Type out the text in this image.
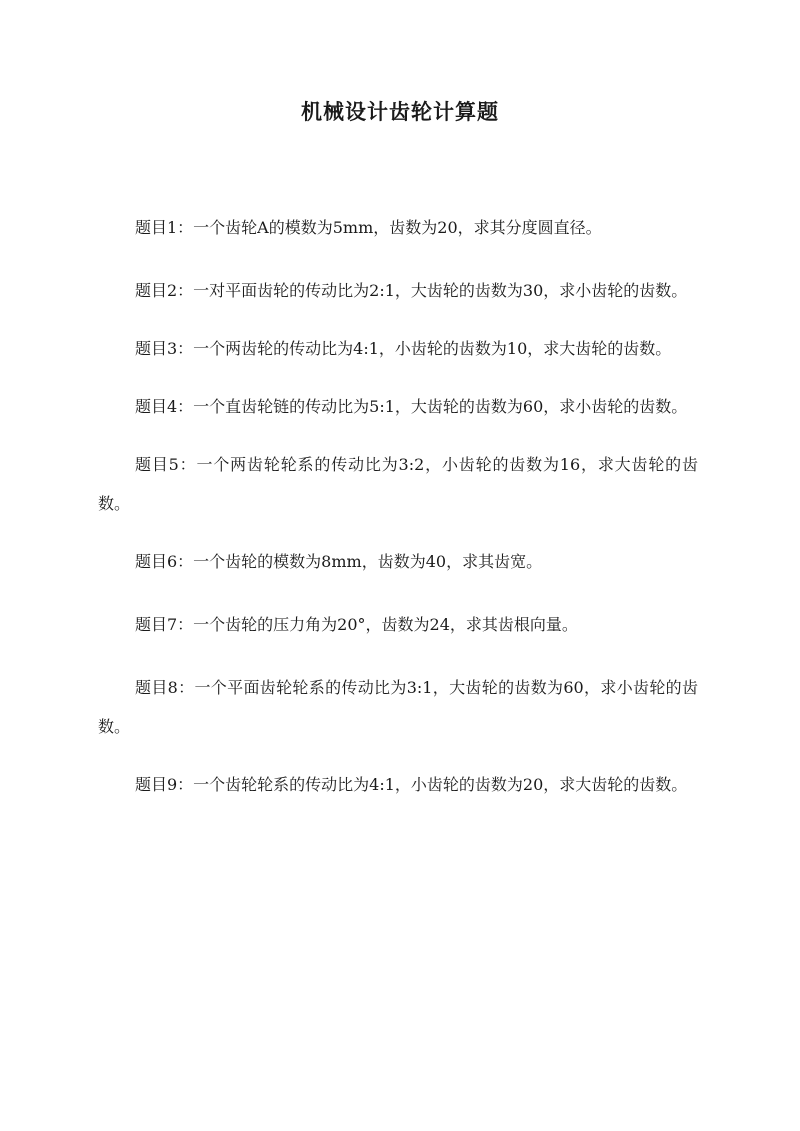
机械设计齿轮计算题

题目1：一个齿轮A的模数为5mm，齿数为20，求其分度圆直径。

题目2：一对平面齿轮的传动比为2:1，大齿轮的齿数为30，求小齿轮的齿数。

题目3：一个两齿轮的传动比为4:1，小齿轮的齿数为10，求大齿轮的齿数。

题目4：一个直齿轮链的传动比为5:1，大齿轮的齿数为60，求小齿轮的齿数。

题目5：一个两齿轮轮系的传动比为3:2，小齿轮的齿数为16，求大齿轮的齿数。

题目6：一个齿轮的模数为8mm，齿数为40，求其齿宽。

题目7：一个齿轮的压力角为20°，齿数为24，求其齿根向量。

题目8：一个平面齿轮轮系的传动比为3:1，大齿轮的齿数为60，求小齿轮的齿数。

题目9：一个齿轮轮系的传动比为4:1，小齿轮的齿数为20，求大齿轮的齿数。
